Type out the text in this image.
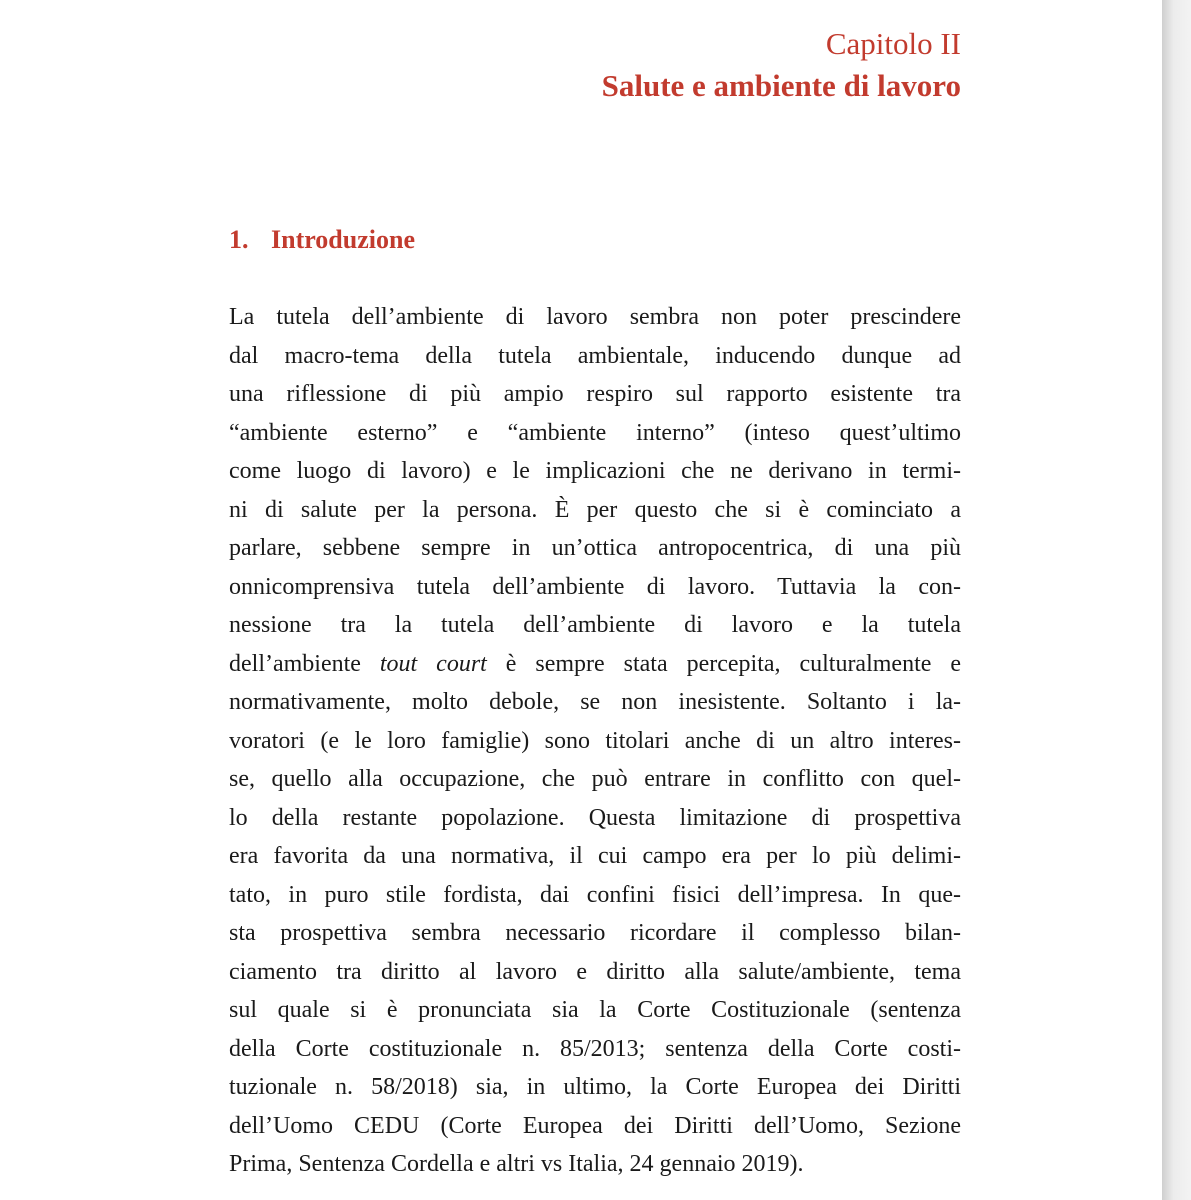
Capitolo II
Salute e ambiente di lavoro
1. Introduzione
La tutela dell’ambiente di lavoro sembra non poter prescindere
dal macro-tema della tutela ambientale, inducendo dunque ad
una riflessione di più ampio respiro sul rapporto esistente tra
“ambiente esterno” e “ambiente interno” (inteso quest’ultimo
come luogo di lavoro) e le implicazioni che ne derivano in termi-
ni di salute per la persona. È per questo che si è cominciato a
parlare, sebbene sempre in un’ottica antropocentrica, di una più
onnicomprensiva tutela dell’ambiente di lavoro. Tuttavia la con-
nessione tra la tutela dell’ambiente di lavoro e la tutela
dell’ambiente tout court è sempre stata percepita, culturalmente e
normativamente, molto debole, se non inesistente. Soltanto i la-
voratori (e le loro famiglie) sono titolari anche di un altro interes-
se, quello alla occupazione, che può entrare in conflitto con quel-
lo della restante popolazione. Questa limitazione di prospettiva
era favorita da una normativa, il cui campo era per lo più delimi-
tato, in puro stile fordista, dai confini fisici dell’impresa. In que-
sta prospettiva sembra necessario ricordare il complesso bilan-
ciamento tra diritto al lavoro e diritto alla salute/ambiente, tema
sul quale si è pronunciata sia la Corte Costituzionale (sentenza
della Corte costituzionale n. 85/2013; sentenza della Corte costi-
tuzionale n. 58/2018) sia, in ultimo, la Corte Europea dei Diritti
dell’Uomo CEDU (Corte Europea dei Diritti dell’Uomo, Sezione
Prima, Sentenza Cordella e altri vs Italia, 24 gennaio 2019).
